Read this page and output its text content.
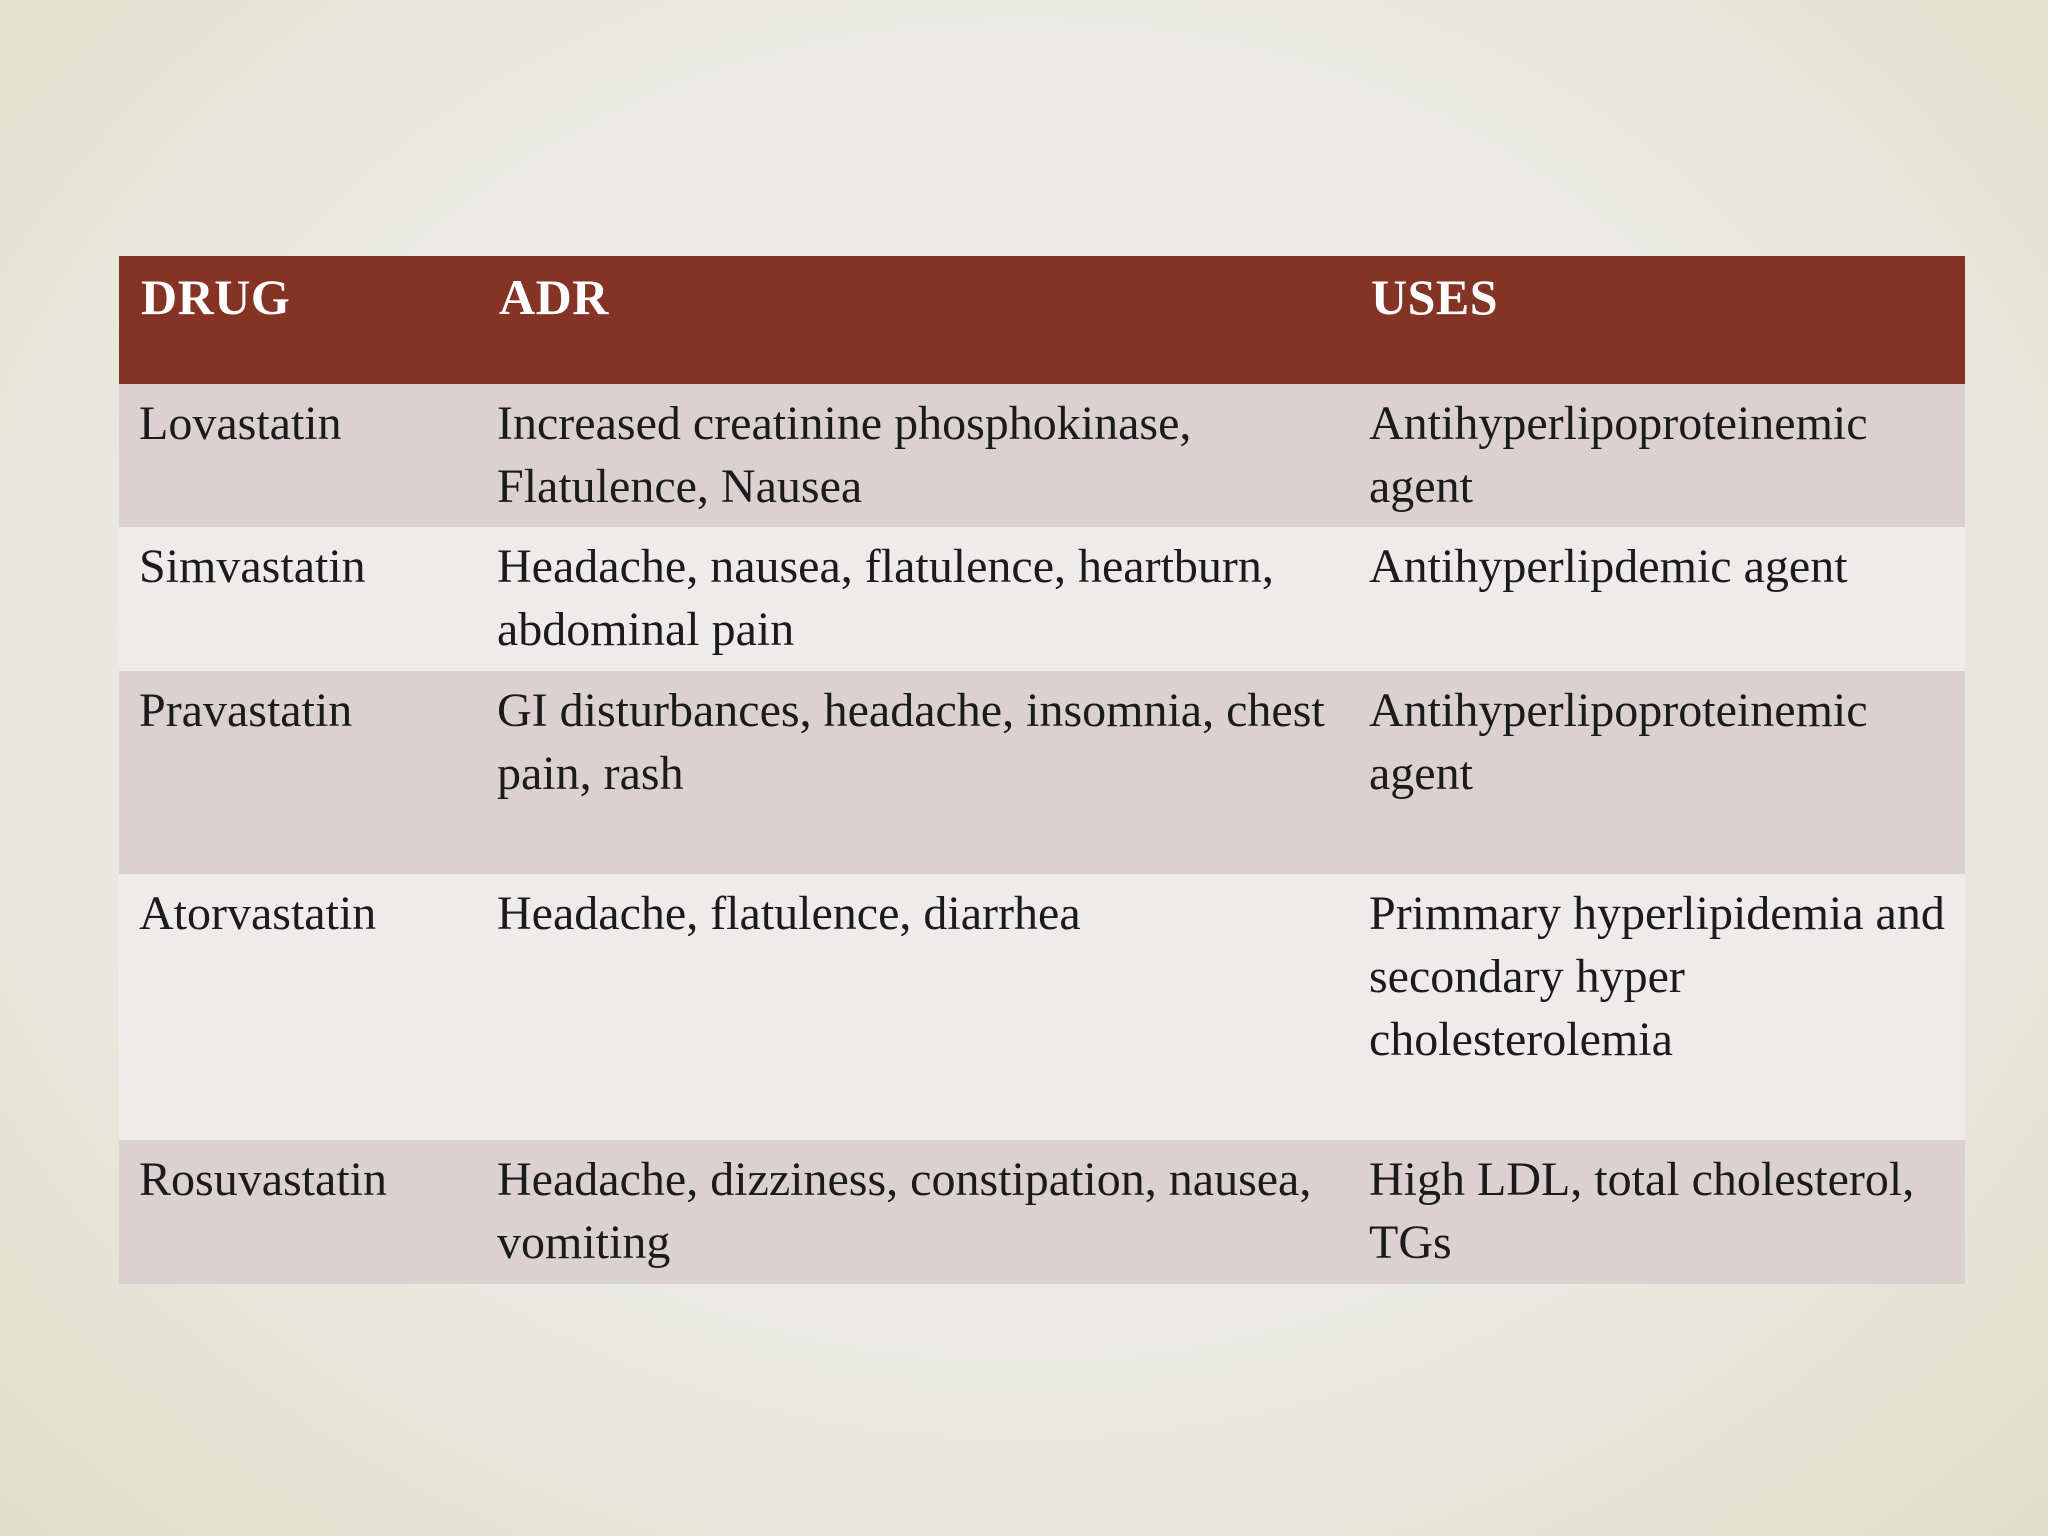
DRUG	ADR	USES
Lovastatin	Increased creatinine phosphokinase, Flatulence, Nausea	Antihyperlipoproteinemic agent
Simvastatin	Headache, nausea, flatulence, heartburn, abdominal pain	Antihyperlipdemic agent
Pravastatin	GI disturbances, headache, insomnia, chest pain, rash	Antihyperlipoproteinemic agent
Atorvastatin	Headache, flatulence, diarrhea	Primmary hyperlipidemia and secondary hyper cholesterolemia
Rosuvastatin	Headache, dizziness, constipation, nausea, vomiting	High LDL, total cholesterol, TGs
